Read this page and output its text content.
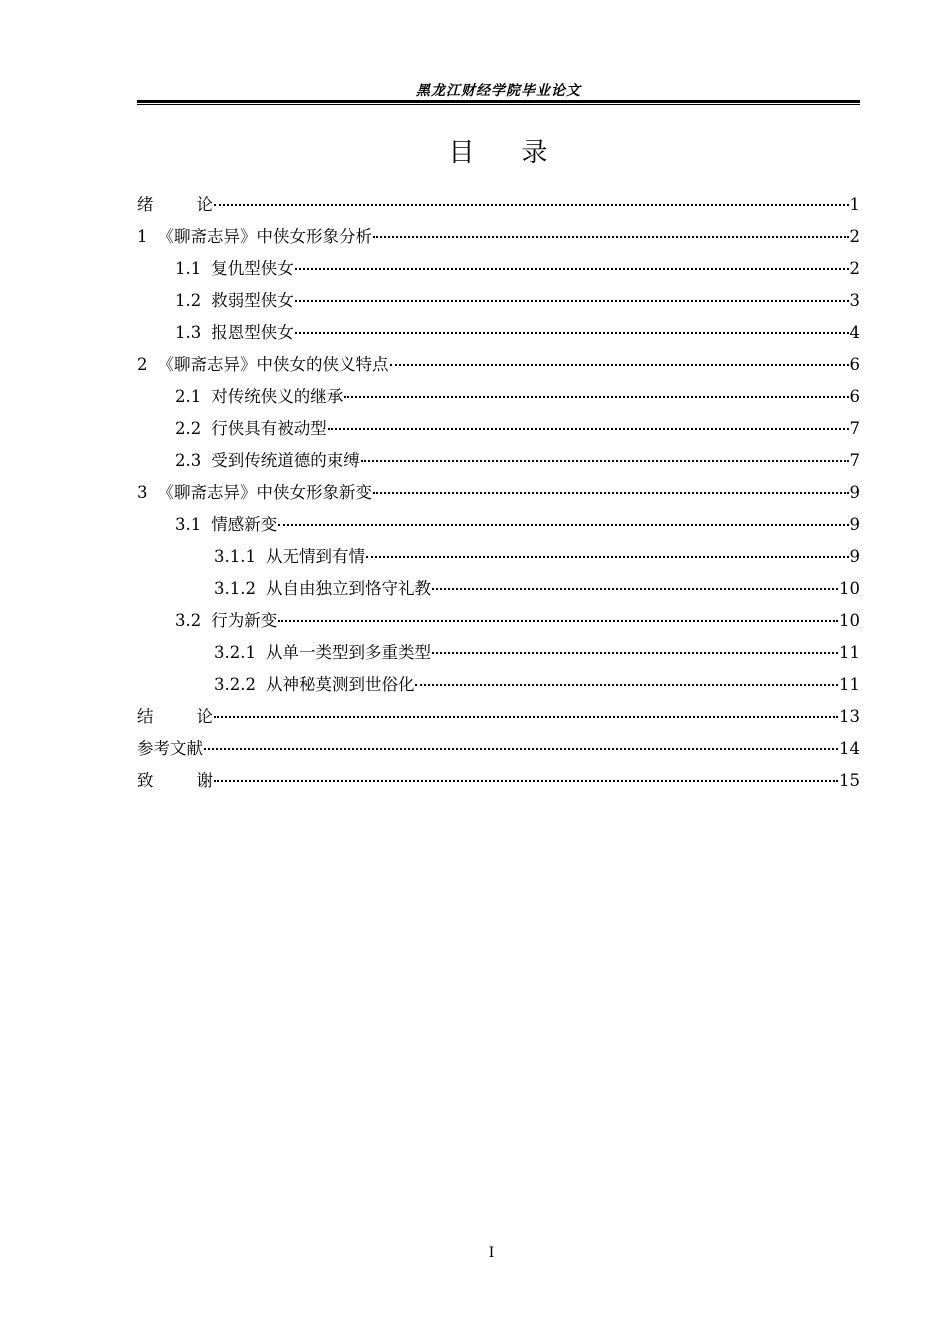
黑龙江财经学院毕业论文
目 录
绪	论	1
1 《聊斋志异》中侠女形象分析	2
1.1 复仇型侠女	2
1.2 救弱型侠女	3
1.3 报恩型侠女	4
2 《聊斋志异》中侠女的侠义特点	6
2.1 对传统侠义的继承	6
2.2 行侠具有被动型	7
2.3 受到传统道德的束缚	7
3 《聊斋志异》中侠女形象新变	9
3.1 情感新变	9
3.1.1 从无情到有情	9
3.1.2 从自由独立到恪守礼教	10
3.2 行为新变	10
3.2.1 从单一类型到多重类型	11
3.2.2 从神秘莫测到世俗化	11
结	论	13
参考文献	14
致	谢	15
I
